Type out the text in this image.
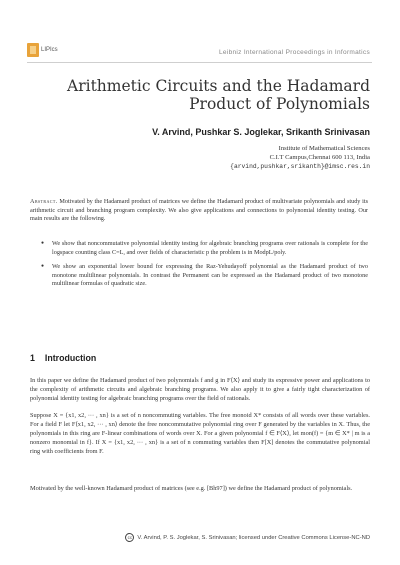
LIPIcs	Leibniz International Proceedings in Informatics
Arithmetic Circuits and the Hadamard
Product of Polynomials
V. Arvind, Pushkar S. Joglekar, Srikanth Srinivasan
Institute of Mathematical Sciences
C.I.T Campus,Chennai 600 113, India
{arvind,pushkar,srikanth}@imsc.res.in
Abstract. Motivated by the Hadamard product of matrices we define the Hadamard product of multivariate polynomials and study its arithmetic circuit and branching program complexity. We also give applications and connections to polynomial identity testing. Our main results are the following.
● We show that noncommutative polynomial identity testing for algebraic branching programs over rationals is complete for the logspace counting class C=L, and over fields of characteristic p the problem is in ModpL/poly.
● We show an exponential lower bound for expressing the Raz-Yehudayoff polynomial as the Hadamard product of two monotone multilinear polynomials. In contrast the Permanent can be expressed as the Hadamard product of two monotone multilinear formulas of quadratic size.
1 Introduction
In this paper we define the Hadamard product of two polynomials f and g in F⟨X⟩ and study its expressive power and applications to the complexity of arithmetic circuits and algebraic branching programs. We also apply it to give a fairly tight characterization of polynomial identity testing for algebraic branching programs over the field of rationals.
Suppose X = {x1, x2, ··· , xn} is a set of n noncommuting variables. The free monoid X* consists of all words over these variables. For a field F let F⟨x1, x2, ··· , xn⟩ denote the free noncommutative polynomial ring over F generated by the variables in X. Thus, the polynomials in this ring are F-linear combinations of words over X. For a given polynomial f ∈ F⟨X⟩, let mon(f) = {m ∈ X* | m is a nonzero monomial in f}. If X = {x1, x2, ··· , xn} is a set of n commuting variables then F[X] denotes the commutative polynomial ring with coefficients from F.
Motivated by the well-known Hadamard product of matrices (see e.g. [Bh97]) we define the Hadamard product of polynomials.
cc V. Arvind, P. S. Joglekar, S. Srinivasan; licensed under Creative Commons License-NC-ND
